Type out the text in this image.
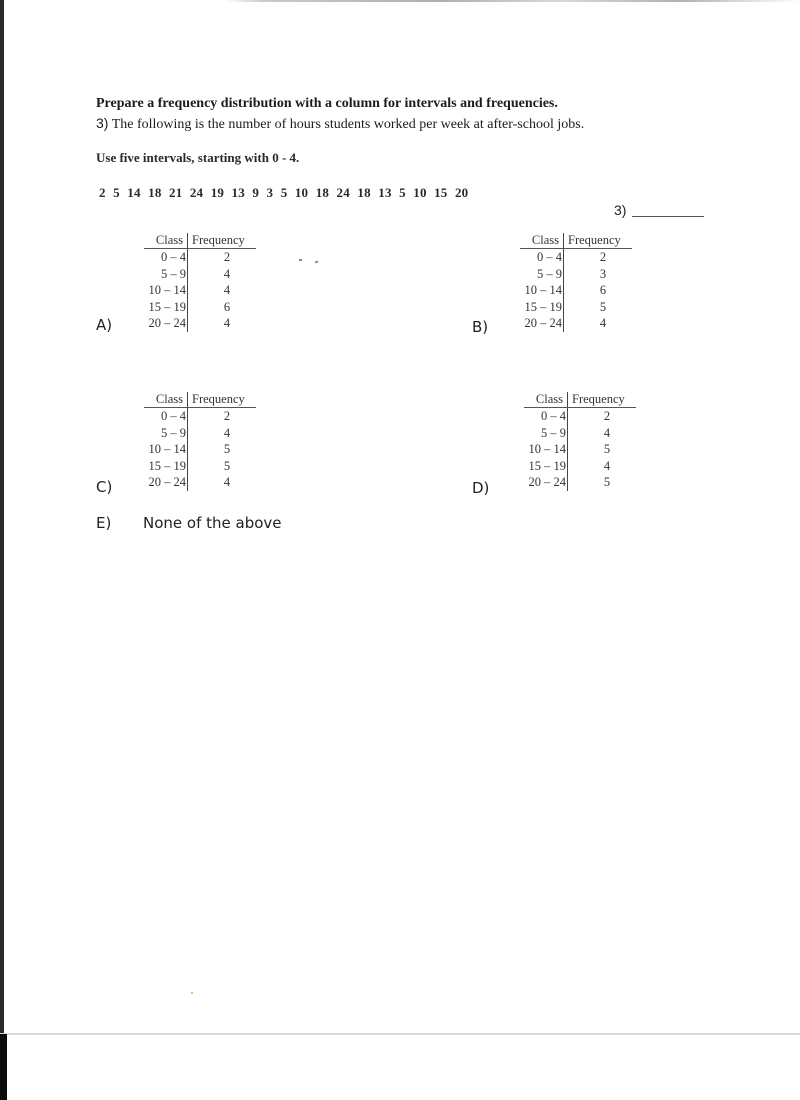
Prepare a frequency distribution with a column for intervals and frequencies.
3) The following is the number of hours students worked per week at after-school jobs.
Use five intervals, starting with 0 - 4.
2 5 14 18 21 24 19 13 9 3 5 10 18 24 18 13 5 10 15 20
3)
A)
Class	Frequency
0 – 4	2
5 – 9	4
10 – 14	4
15 – 19	6
20 – 24	4	B)
Class	Frequency
0 – 4	2
5 – 9	3
10 – 14	6
15 – 19	5
20 – 24	4
C)
Class	Frequency
0 – 4	2
5 – 9	4
10 – 14	5
15 – 19	5
20 – 24	4	D)
Class	Frequency
0 – 4	2
5 – 9	4
10 – 14	5
15 – 19	4
20 – 24	5
E) None of the above
